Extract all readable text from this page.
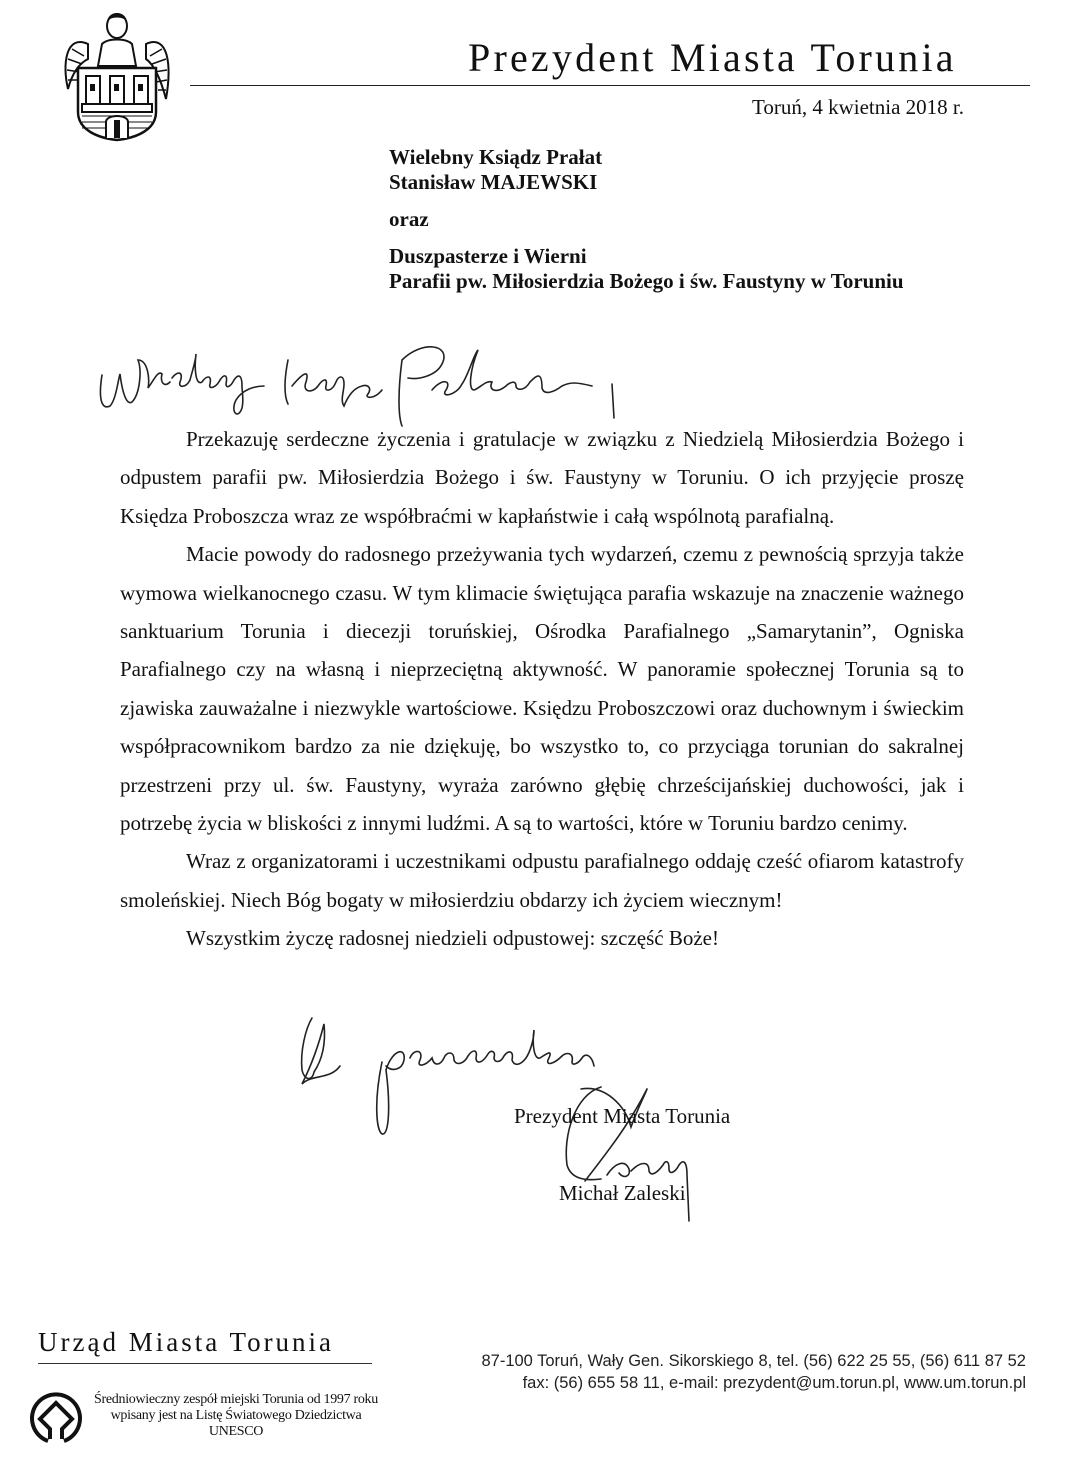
Prezydent Miasta Torunia
Toruń, 4 kwietnia 2018 r.
Wielebny Ksiądz Prałat
Stanisław MAJEWSKI
oraz
Duszpasterze i Wierni
Parafii pw. Miłosierdzia Bożego i św. Faustyny w Toruniu

Przekazuję serdeczne życzenia i gratulacje w związku z Niedzielą Miłosierdzia Bożego i odpustem parafii pw. Miłosierdzia Bożego i św. Faustyny w Toruniu. O ich przyjęcie proszę Księdza Proboszcza wraz ze współbraćmi w kapłaństwie i całą wspólnotą parafialną.

Macie powody do radosnego przeżywania tych wydarzeń, czemu z pewnością sprzyja także wymowa wielkanocnego czasu. W tym klimacie świętująca parafia wskazuje na znaczenie ważnego sanktuarium Torunia i diecezji toruńskiej, Ośrodka Parafialnego „Samarytanin”, Ogniska Parafialnego czy na własną i nieprzeciętną aktywność. W panoramie społecznej Torunia są to zjawiska zauważalne i niezwykle wartościowe. Księdzu Proboszczowi oraz duchownym i świeckim współpracownikom bardzo za nie dziękuję, bo wszystko to, co przyciąga torunian do sakralnej przestrzeni przy ul. św. Faustyny, wyraża zarówno głębię chrześcijańskiej duchowości, jak i potrzebę życia w bliskości z innymi ludźmi. A są to wartości, które w Toruniu bardzo cenimy.

Wraz z organizatorami i uczestnikami odpustu parafialnego oddaję cześć ofiarom katastrofy smoleńskiej. Niech Bóg bogaty w miłosierdziu obdarzy ich życiem wiecznym!

Wszystkim życzę radosnej niedzieli odpustowej: szczęść Boże!

Prezydent Miasta Torunia
Michał Zaleski
Urząd Miasta Torunia
Średniowieczny zespół miejski Torunia od 1997 roku
wpisany jest na Listę Światowego Dziedzictwa
UNESCO
87-100 Toruń, Wały Gen. Sikorskiego 8, tel. (56) 622 25 55, (56) 611 87 52
fax: (56) 655 58 11, e-mail: prezydent@um.torun.pl, www.um.torun.pl
